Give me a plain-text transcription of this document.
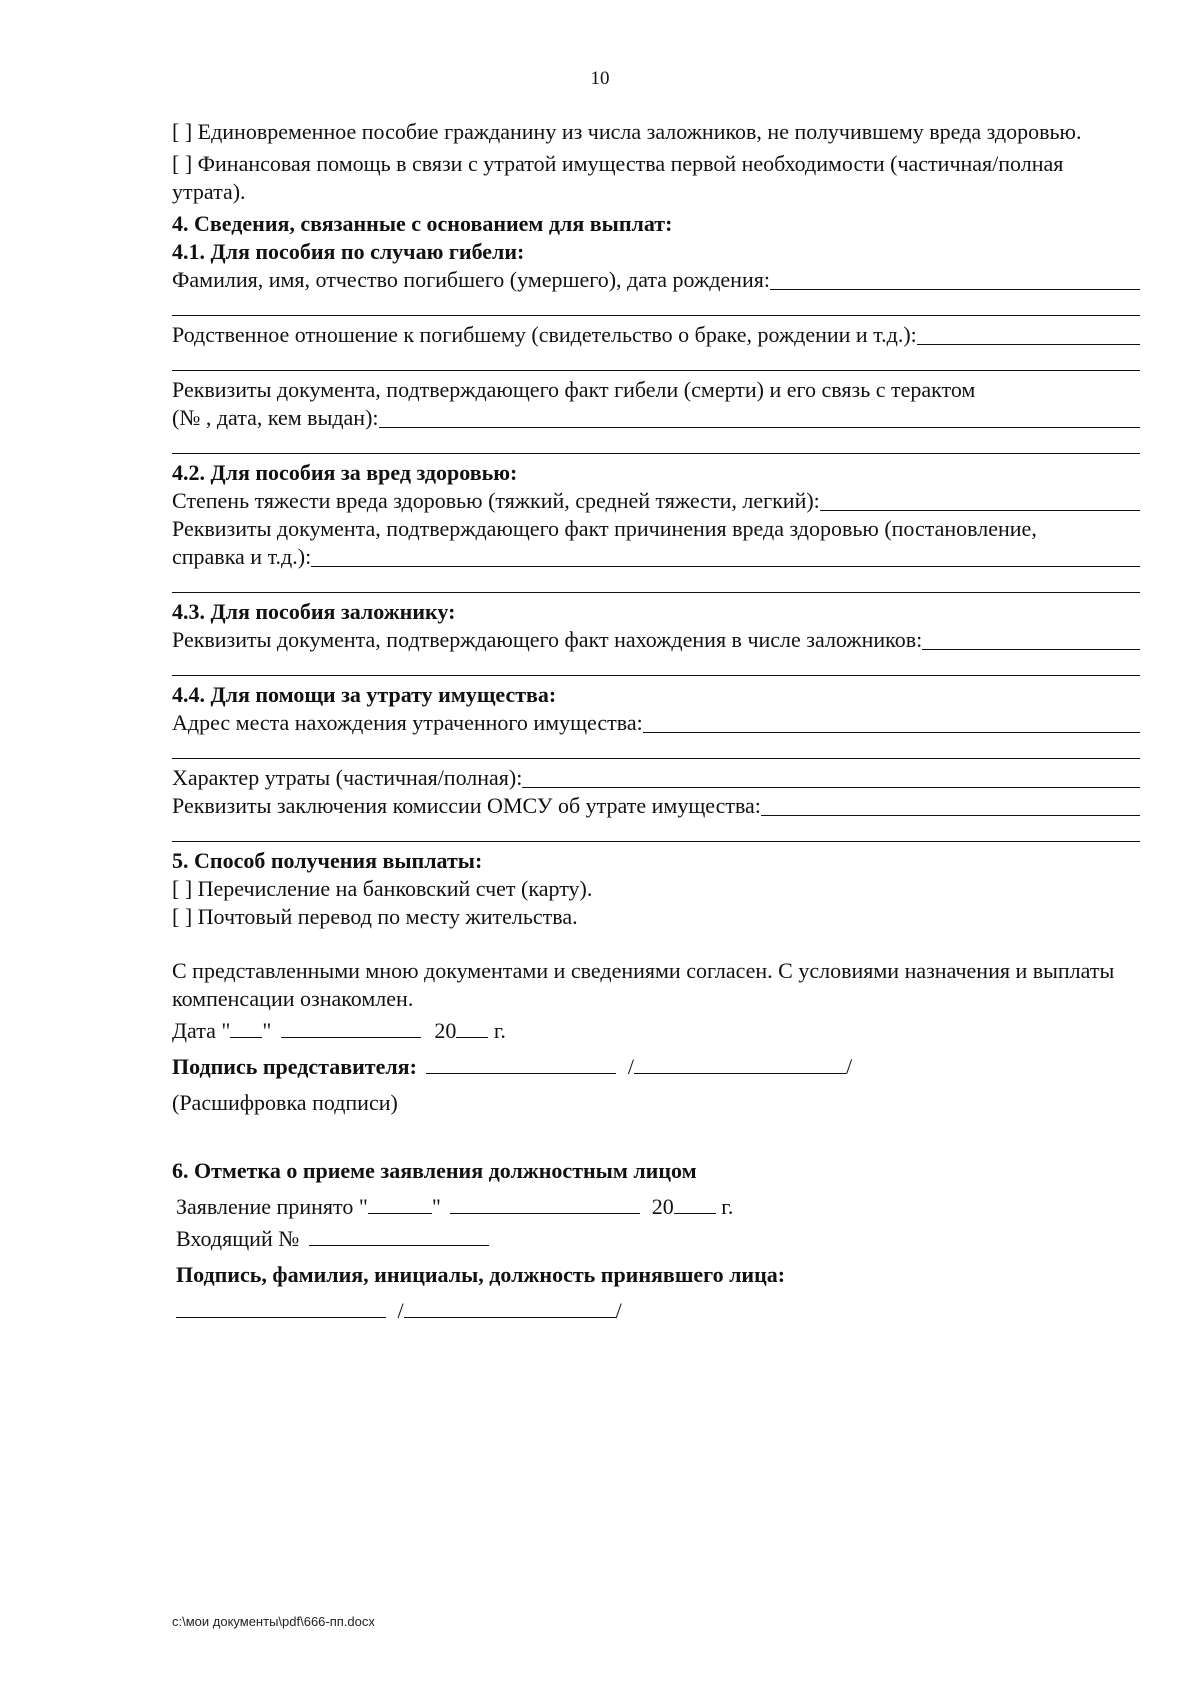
10

[ ] Единовременное пособие гражданину из числа заложников, не получившему вреда здоровью.

[ ] Финансовая помощь в связи с утратой имущества первой необходимости (частичная/полная утрата).

4. Сведения, связанные с основанием для выплат:

4.1. Для пособия по случаю гибели:

Фамилия, имя, отчество погибшего (умершего), дата рождения:
Родственное отношение к погибшему (свидетельство о браке, рождении и т.д.):

Реквизиты документа, подтверждающего факт гибели (смерти) и его связь с терактом

(№ , дата, кем выдан):

4.2. Для пособия за вред здоровью:

Степень тяжести вреда здоровью (тяжкий, средней тяжести, легкий):

Реквизиты документа, подтверждающего факт причинения вреда здоровью (постановление,

справка и т.д.):

4.3. Для пособия заложнику:

Реквизиты документа, подтверждающего факт нахождения в числе заложников:

4.4. Для помощи за утрату имущества:

Адрес места нахождения утраченного имущества:
Характер утраты (частичная/полная):
Реквизиты заключения комиссии ОМСУ об утрате имущества:

5. Способ получения выплаты:

[ ] Перечисление на банковский счет (карту).

[ ] Почтовый перевод по месту жительства.

С представленными мною документами и сведениями согласен. С условиями назначения и выплаты компенсации ознакомлен.

Дата " "	20 г.
Подпись представителя:	/	/

(Расшифровка подписи)

6. Отметка о приеме заявления должностным лицом

Заявление принято "	"	20 г.
Входящий №

Подпись, фамилия, инициалы, должность принявшего лица:

/	/
c:\мои документы\pdf\666-пп.docx
